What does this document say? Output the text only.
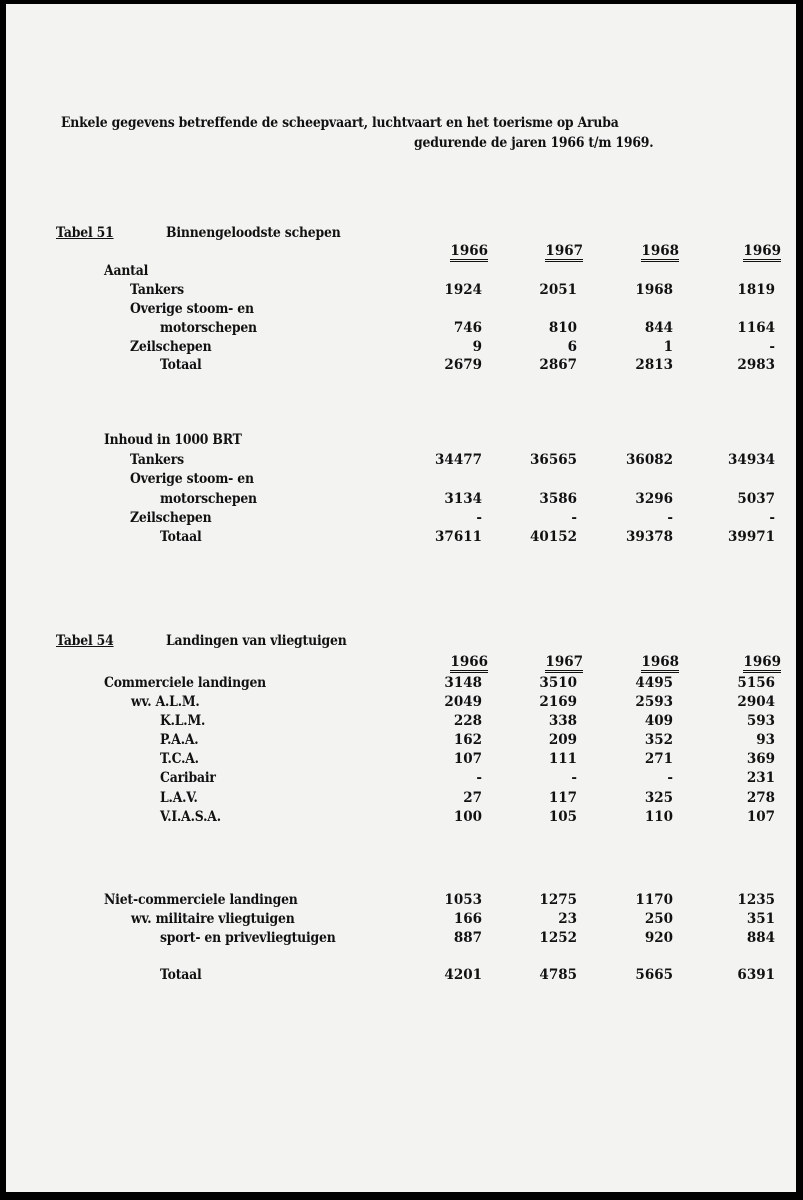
Enkele gegevens betreffende de scheepvaart, luchtvaart en het toerisme op Aruba
gedurende de jaren 1966 t/m 1969.
Tabel 51	Binnengeloodste schepen
Tabel 54	Landingen van vliegtuigen
1966	1967	1968	1969
1966	1967	1968	1969
Aantal
Tankers	1924	2051	1968	1819
Overige stoom- en
motorschepen	746	810	844	1164
Zeilschepen	9	6	1	-
Totaal	2679	2867	2813	2983
Inhoud in 1000 BRT
Tankers	34477	36565	36082	34934
Overige stoom- en
motorschepen	3134	3586	3296	5037
Zeilschepen	-	-	-	-
Totaal	37611	40152	39378	39971
Commerciele landingen	3148	3510	4495	5156
wv. A.L.M.	2049	2169	2593	2904
K.L.M.	228	338	409	593
P.A.A.	162	209	352	93
T.C.A.	107	111	271	369
Caribair	-	-	-	231
L.A.V.	27	117	325	278
V.I.A.S.A.	100	105	110	107
Niet-commerciele landingen	1053	1275	1170	1235
wv. militaire vliegtuigen	166	23	250	351
sport- en privevliegtuigen	887	1252	920	884
Totaal	4201	4785	5665	6391
